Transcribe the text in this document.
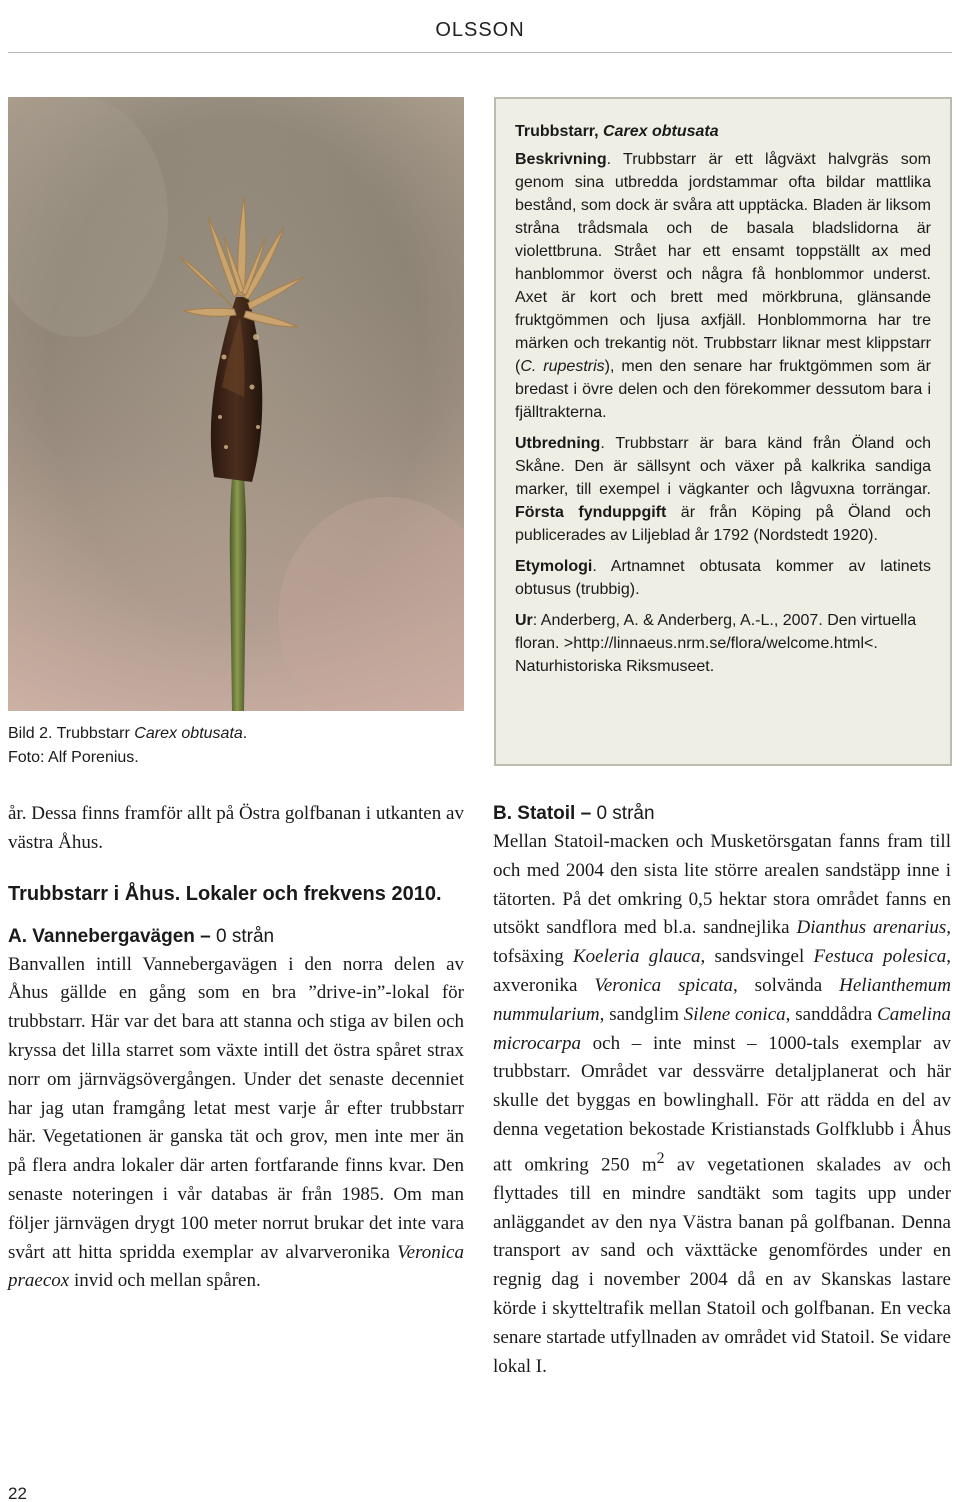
OLSSON
Bild 2. Trubbstarr Carex obtusata.
Foto: Alf Porenius.

Trubbstarr, Carex obtusata

Beskrivning. Trubbstarr är ett lågväxt halvgräs som genom sina utbredda jordstammar ofta bildar mattlika bestånd, som dock är svåra att upptäcka. Bladen är liksom stråna trådsmala och de basala bladslidorna är violettbruna. Strået har ett ensamt toppställt ax med hanblommor överst och några få honblommor underst. Axet är kort och brett med mörkbruna, glänsande fruktgömmen och ljusa axfjäll. Honblommorna har tre märken och trekantig nöt. Trubbstarr liknar mest klippstarr (C. rupestris), men den senare har fruktgömmen som är bredast i övre delen och den förekommer dessutom bara i fjälltrakterna.

Utbredning. Trubbstarr är bara känd från Öland och Skåne. Den är sällsynt och växer på kalkrika sandiga marker, till exempel i vägkanter och lågvuxna torrängar. Första fynduppgift är från Köping på Öland och publicerades av Liljeblad år 1792 (Nordstedt 1920).

Etymologi. Artnamnet obtusata kommer av latinets obtusus (trubbig).

Ur: Anderberg, A. & Anderberg, A.-L., 2007. Den virtuella floran. >http://linnaeus.nrm.se/flora/welcome.html<. Naturhistoriska Riksmuseet.

år. Dessa finns framför allt på Östra golfbanan i utkanten av västra Åhus.

Trubbstarr i Åhus. Lokaler och frekvens 2010.

A. Vannebergavägen – 0 strån

Banvallen intill Vannebergavägen i den norra delen av Åhus gällde en gång som en bra ”drive-in”-lokal för trubbstarr. Här var det bara att stanna och stiga av bilen och kryssa det lilla starret som växte intill det östra spåret strax norr om järnvägsövergången. Under det senaste decenniet har jag utan framgång letat mest varje år efter trubbstarr här. Vegetationen är ganska tät och grov, men inte mer än på flera andra lokaler där arten fortfarande finns kvar. Den senaste noteringen i vår databas är från 1985. Om man följer järnvägen drygt 100 meter norrut brukar det inte vara svårt att hitta spridda exemplar av alvarveronika Veronica praecox invid och mellan spåren.

B. Statoil – 0 strån

Mellan Statoil-macken och Musketörsgatan fanns fram till och med 2004 den sista lite större arealen sandstäpp inne i tätorten. På det omkring 0,5 hektar stora området fanns en utsökt sandflora med bl.a. sandnejlika Dianthus arenarius, tofsäxing Koeleria glauca, sandsvingel Festuca polesica, axveronika Veronica spicata, solvända Helianthemum nummularium, sandglim Silene conica, sanddådra Camelina microcarpa och – inte minst – 1000-tals exemplar av trubbstarr. Området var dessvärre detaljplanerat och här skulle det byggas en bowlinghall. För att rädda en del av denna vegetation bekostade Kristianstads Golfklubb i Åhus att omkring 250 $m^2$ av vegetationen skalades av och flyttades till en mindre sandtäkt som tagits upp under anläggandet av den nya Västra banan på golfbanan. Denna transport av sand och växttäcke genomfördes under en regnig dag i november 2004 då en av Skanskas lastare körde i skytteltrafik mellan Statoil och golfbanan. En vecka senare startade utfyllnaden av området vid Statoil. Se vidare lokal I.

22
